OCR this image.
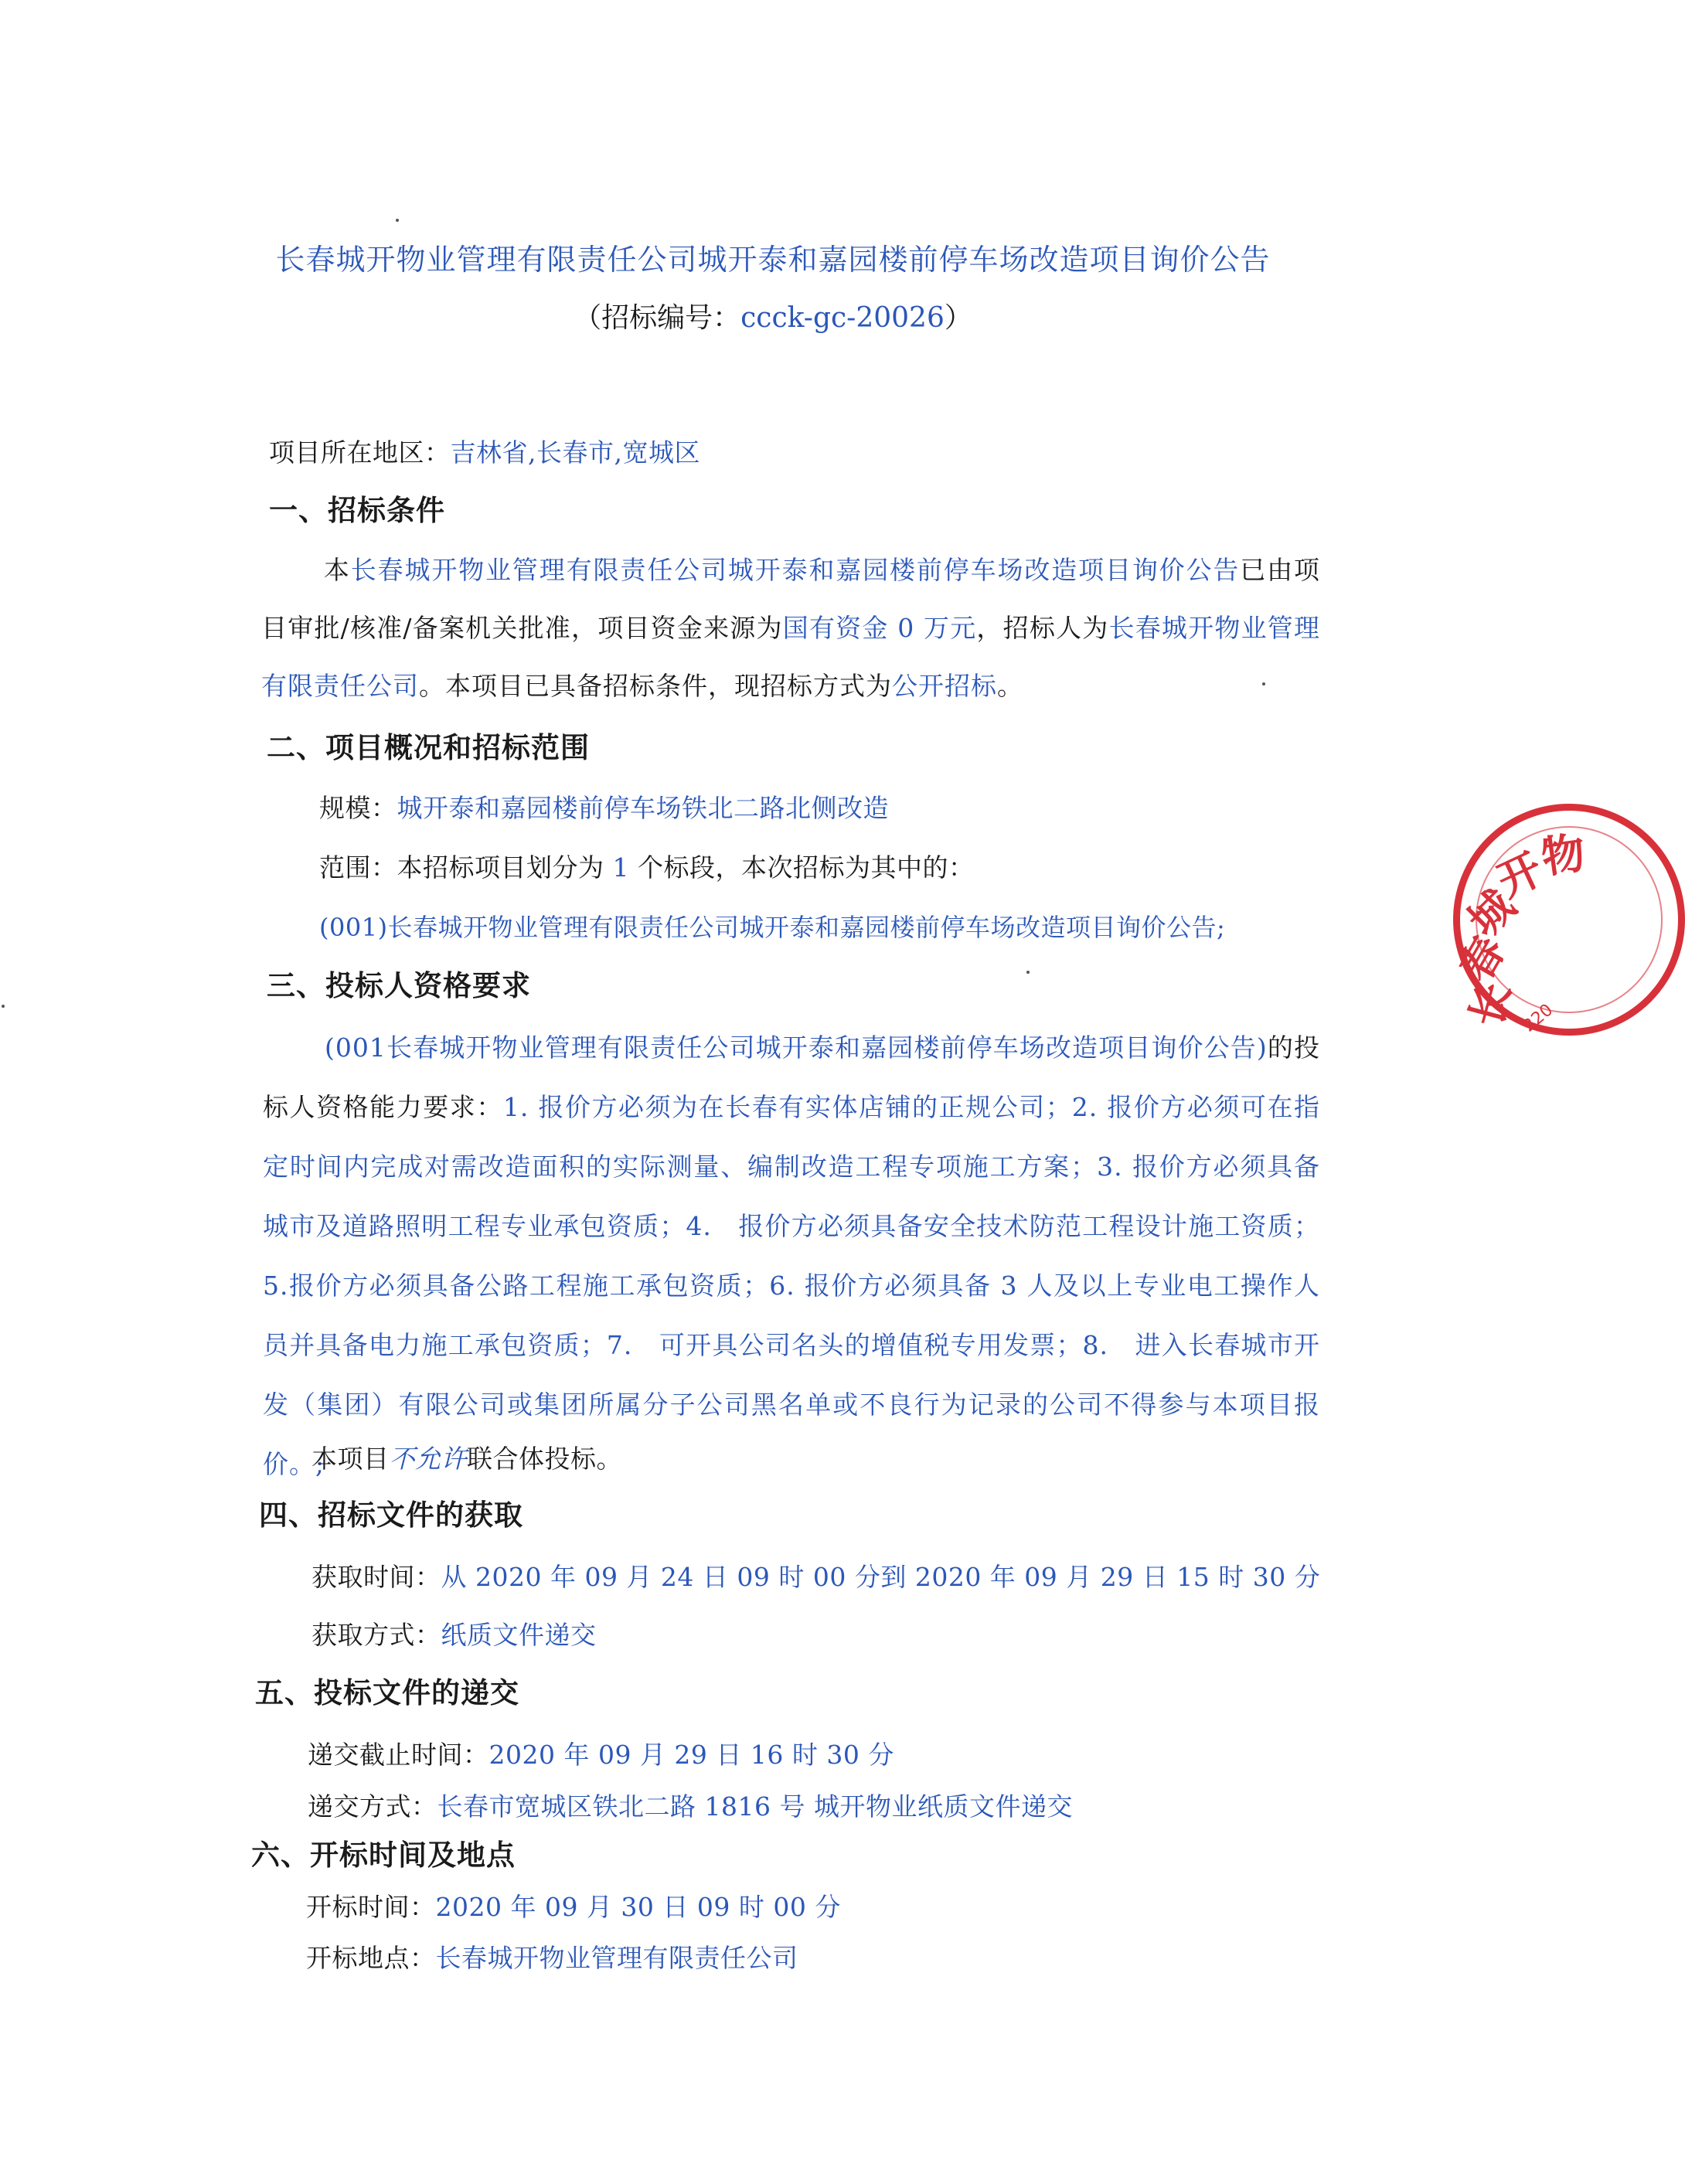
长春城开物业管理有限责任公司城开泰和嘉园楼前停车场改造项目询价公告
（招标编号：ccck-gc-20026）
项目所在地区：吉林省,长春市,宽城区
一、招标条件
本长春城开物业管理有限责任公司城开泰和嘉园楼前停车场改造项目询价公告已由项目审批/核准/备案机关批准，项目资金来源为国有资金 0 万元，招标人为长春城开物业管理有限责任公司。本项目已具备招标条件，现招标方式为公开招标。
二、项目概况和招标范围
规模：城开泰和嘉园楼前停车场铁北二路北侧改造
范围：本招标项目划分为 1 个标段，本次招标为其中的：
(001)长春城开物业管理有限责任公司城开泰和嘉园楼前停车场改造项目询价公告;
三、投标人资格要求
(001长春城开物业管理有限责任公司城开泰和嘉园楼前停车场改造项目询价公告)的投标人资格能力要求：1. 报价方必须为在长春有实体店铺的正规公司；2. 报价方必须可在指定时间内完成对需改造面积的实际测量、编制改造工程专项施工方案；3. 报价方必须具备城市及道路照明工程专业承包资质；4.　报价方必须具备安全技术防范工程设计施工资质；5.报价方必须具备公路工程施工承包资质；6. 报价方必须具备 3 人及以上专业电工操作人员并具备电力施工承包资质；7.　可开具公司名头的增值税专用发票；8.　进入长春城市开发（集团）有限公司或集团所属分子公司黑名单或不良行为记录的公司不得参与本项目报价。;
本项目不允许联合体投标。
四、招标文件的获取
获取时间：从 2020 年 09 月 24 日 09 时 00 分到 2020 年 09 月 29 日 15 时 30 分
获取方式：纸质文件递交
五、投标文件的递交
递交截止时间：2020 年 09 月 29 日 16 时 30 分
递交方式：长春市宽城区铁北二路 1816 号 城开物业纸质文件递交
六、开标时间及地点
开标时间：2020 年 09 月 30 日 09 时 00 分
开标地点：长春城开物业管理有限责任公司
长
春
城
开
物
220
